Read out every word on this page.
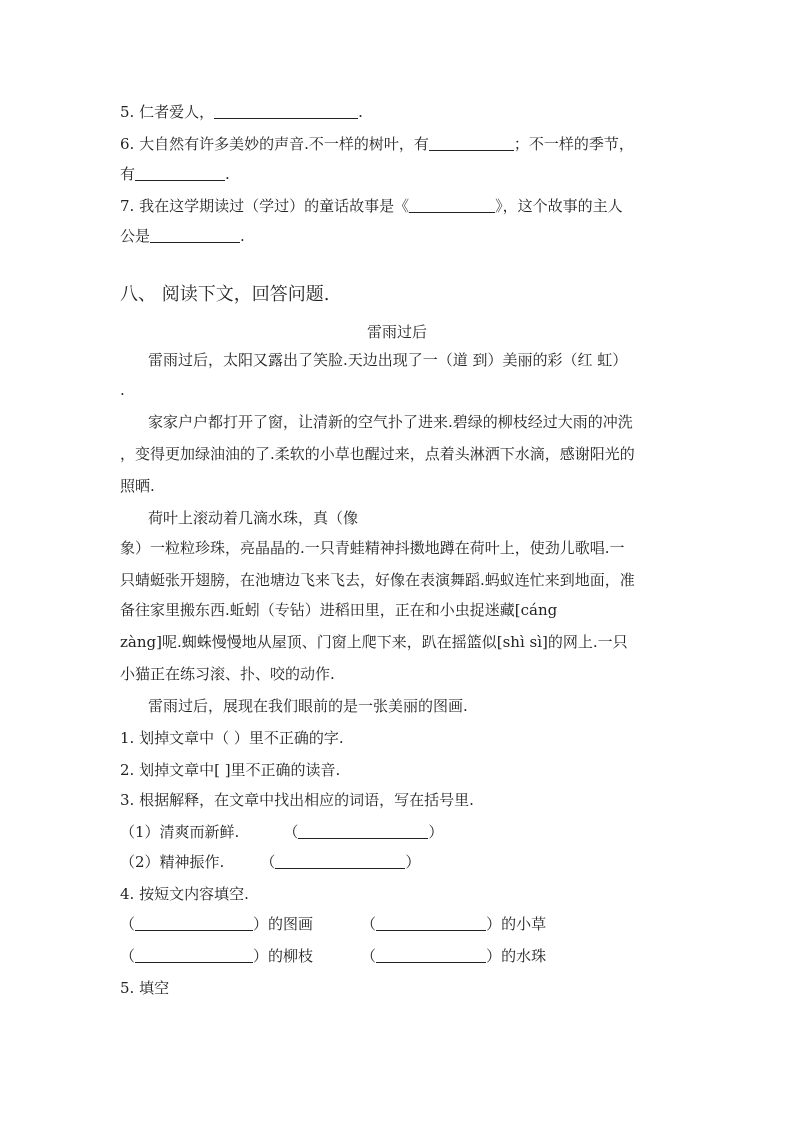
5. 仁者爱人，	.
6. 大自然有许多美妙的声音.不一样的树叶，有	；不一样的季节，
有	.
7. 我在这学期读过（学过）的童话故事是《	》，这个故事的主人
公是	.
八、 阅读下文，回答问题.
雷雨过后
雷雨过后，太阳又露出了笑脸.天边出现了一（道 到）美丽的彩（红 虹）
.
家家户户都打开了窗，让清新的空气扑了进来.碧绿的柳枝经过大雨的冲洗
，变得更加绿油油的了.柔软的小草也醒过来，点着头淋洒下水滴，感谢阳光的
照晒.
荷叶上滚动着几滴水珠，真（像
象）一粒粒珍珠，亮晶晶的.一只青蛙精神抖擞地蹲在荷叶上，使劲儿歌唱.一
只蜻蜓张开翅膀，在池塘边飞来飞去，好像在表演舞蹈.蚂蚁连忙来到地面，准
备往家里搬东西.蚯蚓（专钻）进稻田里，正在和小虫捉迷藏[cáng
zàng]呢.蜘蛛慢慢地从屋顶、门窗上爬下来，趴在摇篮似[shì sì]的网上.一只
小猫正在练习滚、扑、咬的动作.
雷雨过后，展现在我们眼前的是一张美丽的图画.
1. 划掉文章中（ ）里不正确的字.
2. 划掉文章中[ ]里不正确的读音.
3. 根据解释，在文章中找出相应的词语，写在括号里.
（1）清爽而新鲜.	（	）
（2）精神振作. （	）
4. 按短文内容填空.
（	）的图画	（	）的小草
（	）的柳枝	（	）的水珠
5. 填空
